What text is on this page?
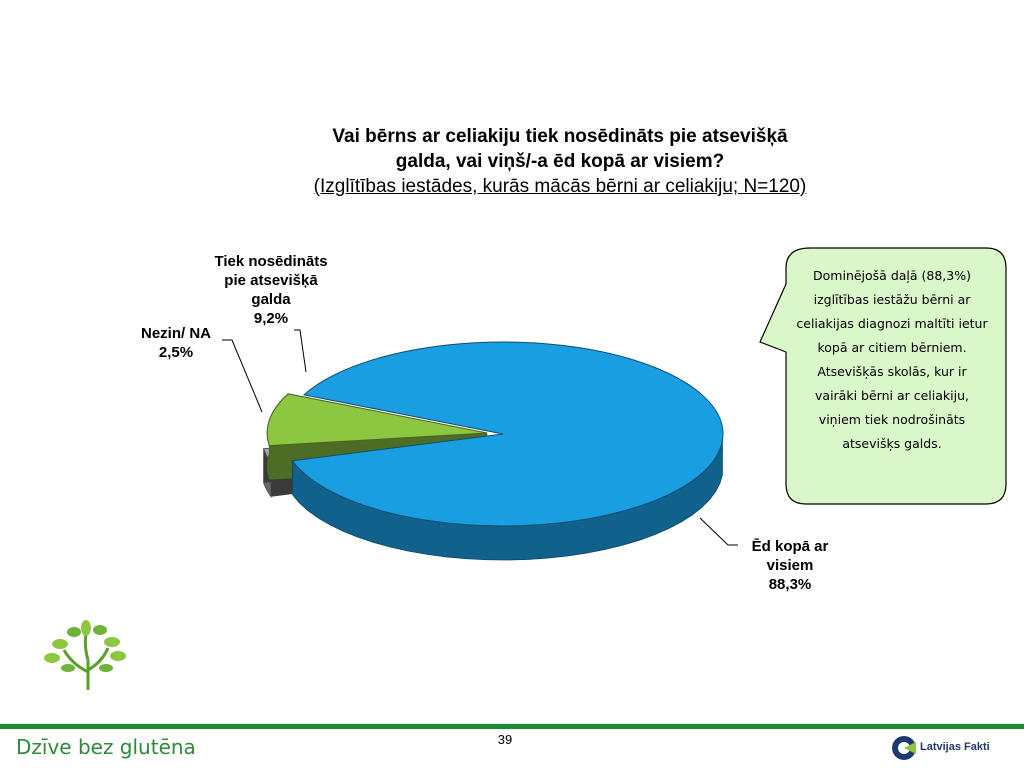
Vai bērns ar celiakiju tiek nosēdināts pie atsevišķā
galda, vai viņš/-a ēd kopā ar visiem?
(Izglītības iestādes, kurās mācās bērni ar celiakiju; N=120)
Tiek nosēdināts
pie atsevišķā
galda
9,2%
Nezin/ NA
2,5%
Ēd kopā ar
visiem
88,3%
Dominējošā daļā (88,3%) izglītības iestāžu bērni ar celiakijas diagnozi maltīti ietur kopā ar citiem bērniem. Atsevišķās skolās, kur ir vairāki bērni ar celiakiju, viņiem tiek nodrošināts atsevišķs galds.
Dzīve bez glutēna	39	Latvijas Fakti
